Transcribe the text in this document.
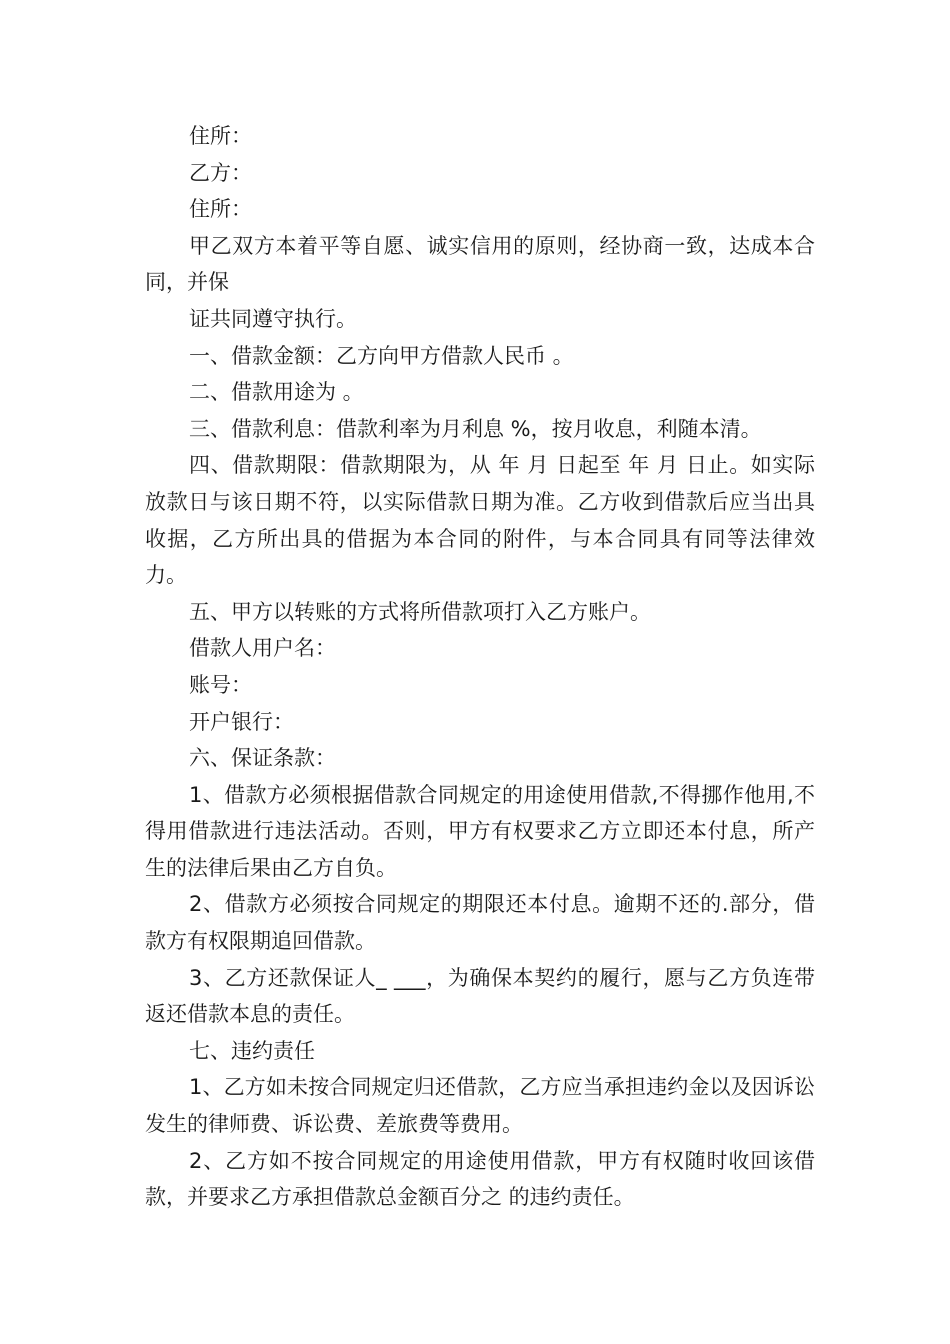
住所：

乙方：

住所：

甲乙双方本着平等自愿、诚实信用的原则，经协商一致，达成本合同，并保

证共同遵守执行。

一、借款金额：乙方向甲方借款人民币 。

二、借款用途为 。

三、借款利息：借款利率为月利息 %，按月收息，利随本清。

四、借款期限：借款期限为，从 年 月 日起至 年 月 日止。如实际放款日与该日期不符，以实际借款日期为准。乙方收到借款后应当出具收据，乙方所出具的借据为本合同的附件，与本合同具有同等法律效力。

五、甲方以转账的方式将所借款项打入乙方账户。

借款人用户名：

账号：

开户银行：

六、保证条款：

1、借款方必须根据借款合同规定的用途使用借款,不得挪作他用,不得用借款进行违法活动。否则，甲方有权要求乙方立即还本付息，所产生的法律后果由乙方自负。

2、借款方必须按合同规定的期限还本付息。逾期不还的.部分，借款方有权限期追回借款。

3、乙方还款保证人_ ___，为确保本契约的履行，愿与乙方负连带返还借款本息的责任。

七、违约责任

1、乙方如未按合同规定归还借款，乙方应当承担违约金以及因诉讼发生的律师费、诉讼费、差旅费等费用。

2、乙方如不按合同规定的用途使用借款，甲方有权随时收回该借款，并要求乙方承担借款总金额百分之 的违约责任。
